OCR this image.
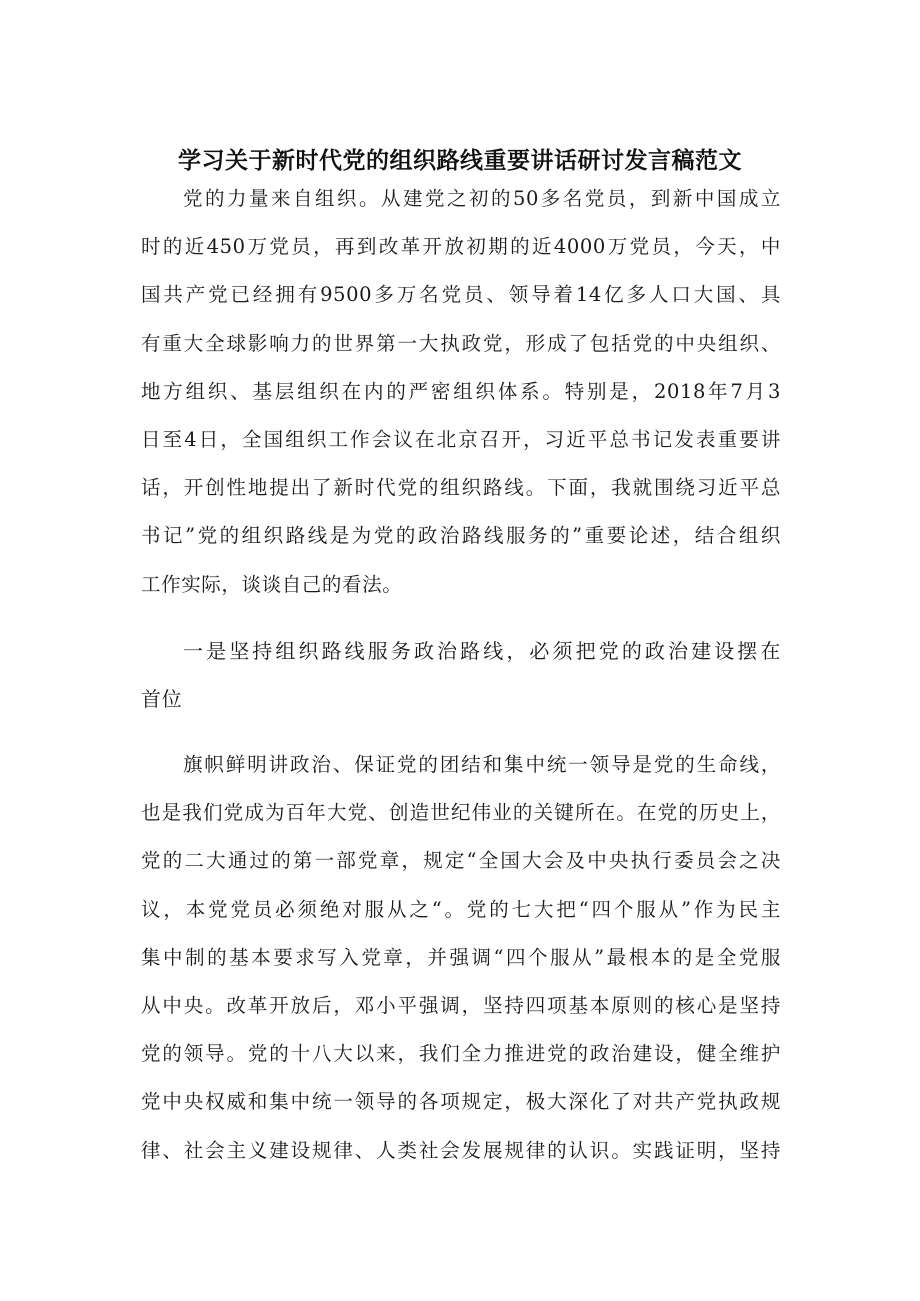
学习关于新时代党的组织路线重要讲话研讨发言稿范文
党的力量来自组织。从建党之初的50多名党员，到新中国成立
时的近450万党员，再到改革开放初期的近4000万党员，今天，中
国共产党已经拥有9500多万名党员、领导着14亿多人口大国、具
有重大全球影响力的世界第一大执政党，形成了包括党的中央组织、
地方组织、基层组织在内的严密组织体系。特别是，2018年7月3
日至4日，全国组织工作会议在北京召开，习近平总书记发表重要讲
话，开创性地提出了新时代党的组织路线。下面，我就围绕习近平总
书记”党的组织路线是为党的政治路线服务的”重要论述，结合组织
工作实际，谈谈自己的看法。
一是坚持组织路线服务政治路线，必须把党的政治建设摆在
首位
旗帜鲜明讲政治、保证党的团结和集中统一领导是党的生命线，
也是我们党成为百年大党、创造世纪伟业的关键所在。在党的历史上，
党的二大通过的第一部党章，规定“全国大会及中央执行委员会之决
议，本党党员必须绝对服从之“。党的七大把“四个服从”作为民主
集中制的基本要求写入党章，并强调“四个服从”最根本的是全党服
从中央。改革开放后，邓小平强调，坚持四项基本原则的核心是坚持
党的领导。党的十八大以来，我们全力推进党的政治建设，健全维护
党中央权威和集中统一领导的各项规定，极大深化了对共产党执政规
律、社会主义建设规律、人类社会发展规律的认识。实践证明，坚持
